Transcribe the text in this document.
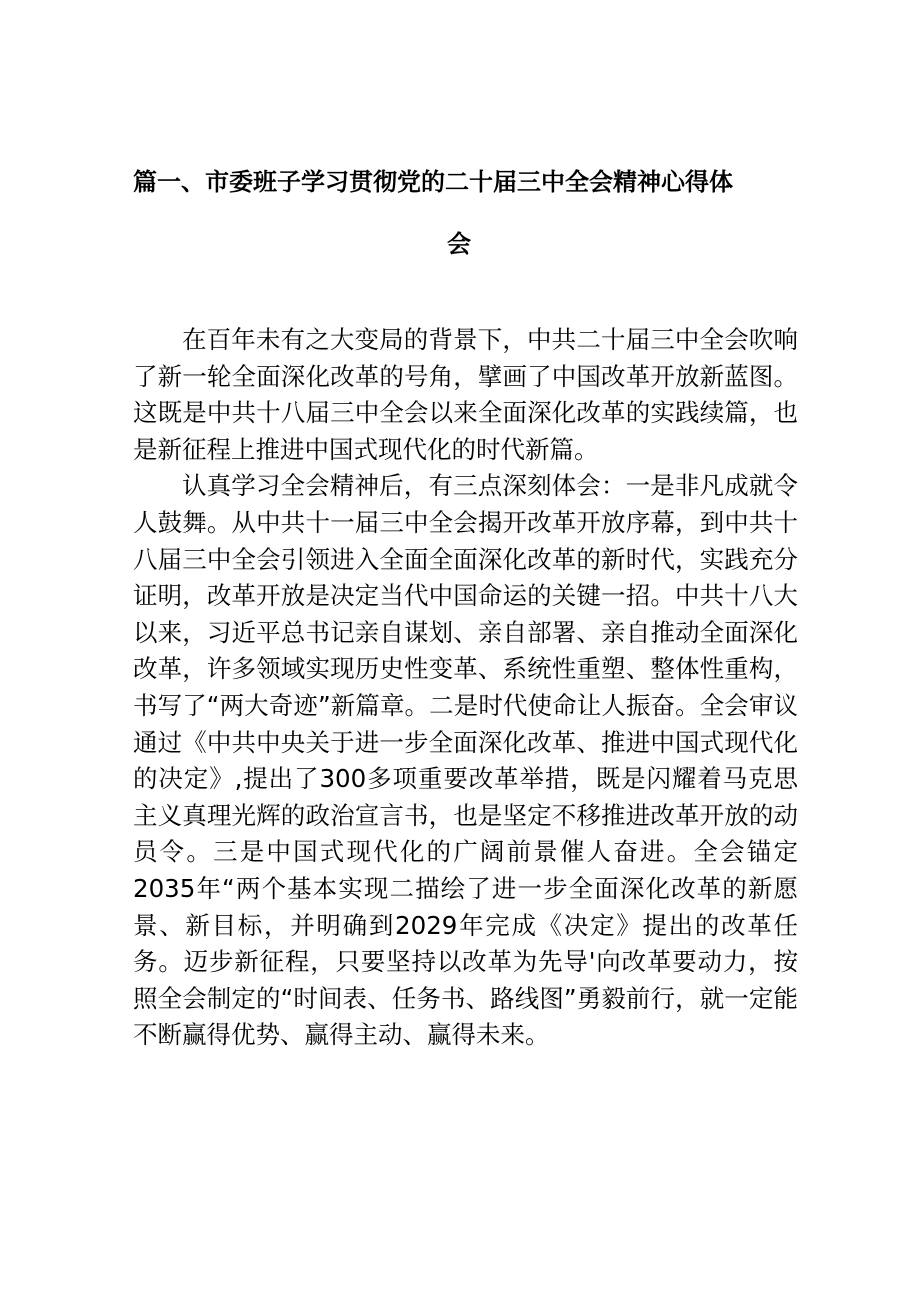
篇一、市委班子学习贯彻党的二十届三中全会精神心得体
会

在百年未有之大变局的背景下，中共二十届三中全会吹响了新一轮全面深化改革的号角，擘画了中国改革开放新蓝图。这既是中共十八届三中全会以来全面深化改革的实践续篇，也是新征程上推进中国式现代化的时代新篇。

认真学习全会精神后，有三点深刻体会：一是非凡成就令人鼓舞。从中共十一届三中全会揭开改革开放序幕，到中共十八届三中全会引领进入全面全面深化改革的新时代，实践充分证明，改革开放是决定当代中国命运的关键一招。中共十八大以来，习近平总书记亲自谋划、亲自部署、亲自推动全面深化改革，许多领域实现历史性变革、系统性重塑、整体性重构，书写了“两大奇迹”新篇章。二是时代使命让人振奋。全会审议通过《中共中央关于进一步全面深化改革、推进中国式现代化的决定》,提出了300多项重要改革举措，既是闪耀着马克思主义真理光辉的政治宣言书，也是坚定不移推进改革开放的动员令。三是中国式现代化的广阔前景催人奋进。全会锚定2035年“两个基本实现二描绘了进一步全面深化改革的新愿景、新目标，并明确到2029年完成《决定》提出的改革任务。迈步新征程，只要坚持以改革为先导'向改革要动力，按照全会制定的“时间表、任务书、路线图”勇毅前行，就一定能不断赢得优势、赢得主动、赢得未来。
